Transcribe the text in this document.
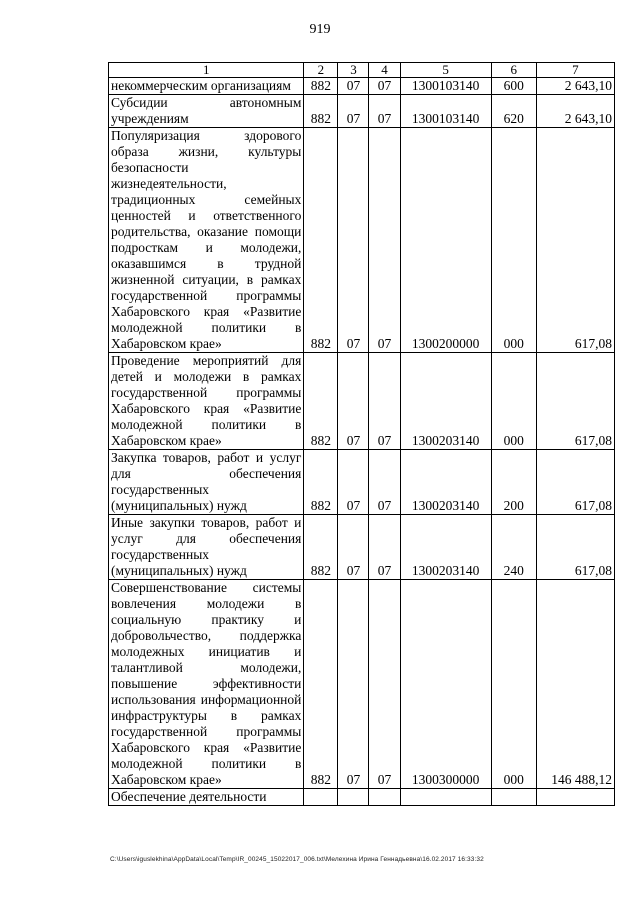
919
1	2	3	4	5	6	7
некоммерческим организациям	882	07	07	1300103140	600	2 643,10
Субсидии автономным учреждениям	882	07	07	1300103140	620	2 643,10
Популяризация здорового образа жизни, культуры безопасности жизнедеятельности, традиционных семейных ценностей и ответственного родительства, оказание помощи подросткам и молодежи, оказавшимся в трудной жизненной ситуации, в рамках государственной программы Хабаровского края «Развитие молодежной политики в Хабаровском крае»	882	07	07	1300200000	000	617,08
Проведение мероприятий для детей и молодежи в рамках государственной программы Хабаровского края «Развитие молодежной политики в Хабаровском крае»	882	07	07	1300203140	000	617,08
Закупка товаров, работ и услуг для обеспечения государственных (муниципальных) нужд	882	07	07	1300203140	200	617,08
Иные закупки товаров, работ и услуг для обеспечения государственных (муниципальных) нужд	882	07	07	1300203140	240	617,08
Совершенствование системы вовлечения молодежи в социальную практику и добровольчество, поддержка молодежных инициатив и талантливой молодежи, повышение эффективности использования информационной инфраструктуры в рамках государственной программы Хабаровского края «Развитие молодежной политики в Хабаровском крае»	882	07	07	1300300000	000	146 488,12
Обеспечение деятельности						
C:\Users\iguslekhina\AppData\Local\Temp\IR_00245_15022017_006.txt\Мелехина Ирина Геннадьевна\16.02.2017 16:33:32
